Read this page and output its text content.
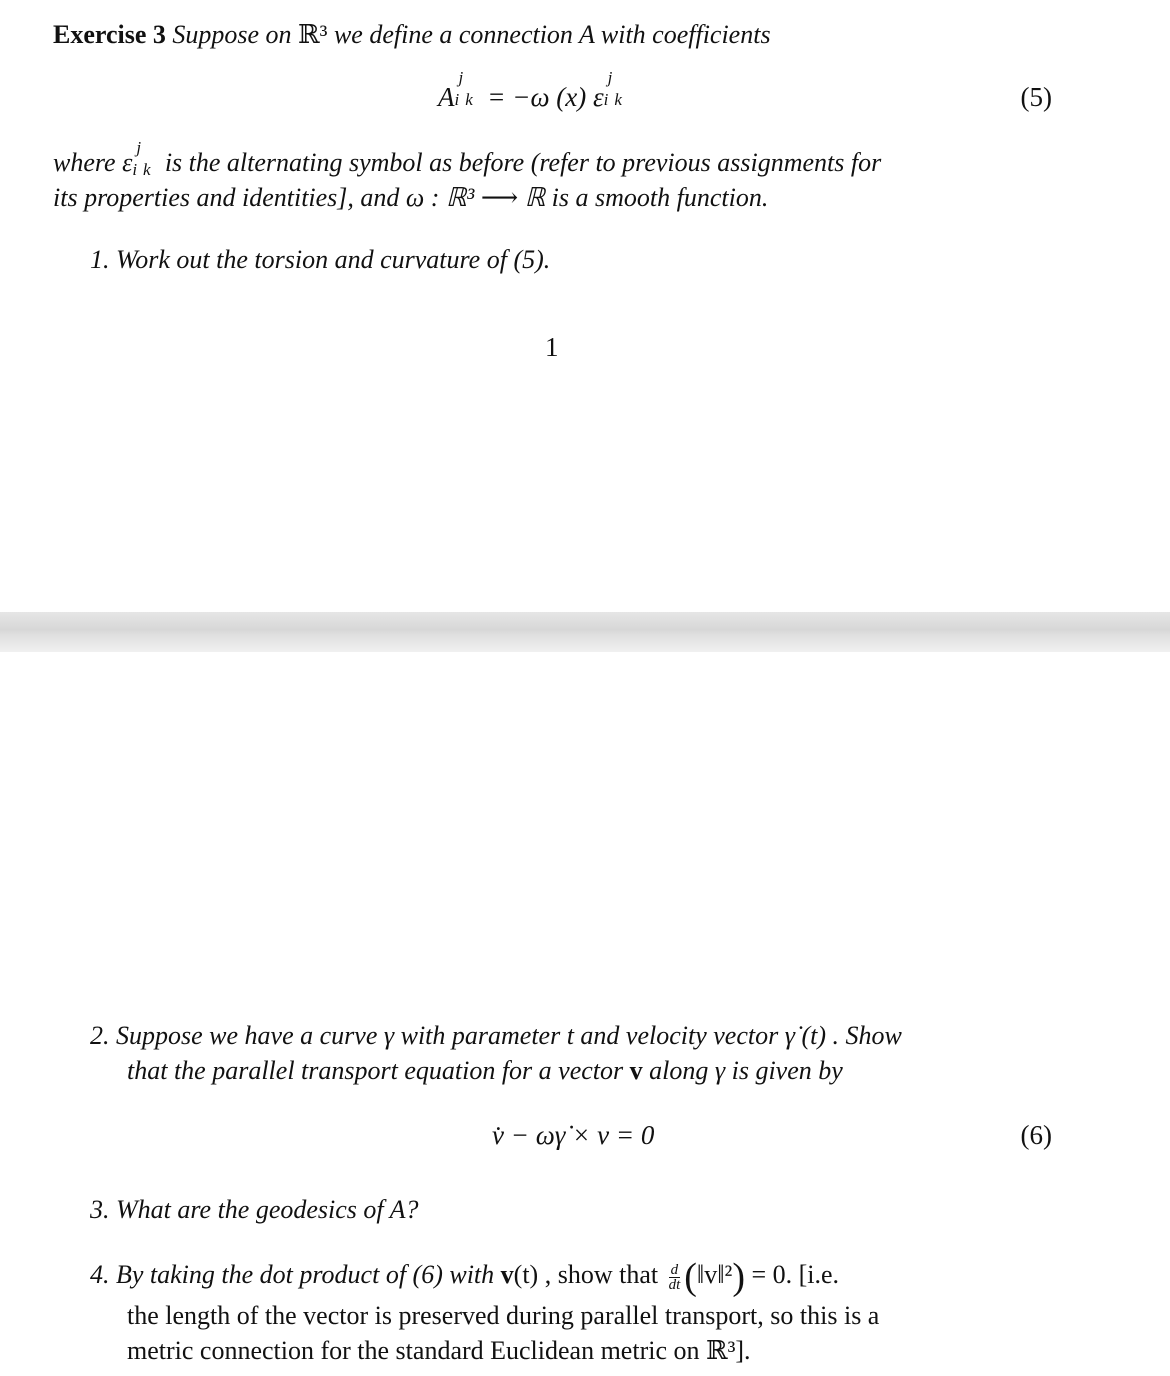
Exercise 3 Suppose on ℝ³ we define a connection A with coefficients
A
j
ik = −ω (x) ε
j
ik	(5)
where ε
j
ik is the alternating symbol as before (refer to previous assignments for
its properties and identities], and ω : ℝ³ ⟶ ℝ is a smooth function.
1. Work out the torsion and curvature of (5).
1
2. Suppose we have a curve γ with parameter t and velocity vector γ̇ (t) . Show
that the parallel transport equation for a vector v along γ is given by
v̇ − ωγ̇ × v = 0	(6)
3. What are the geodesics of A?
4. By taking the dot product of (6) with v(t) , show that $\frac{d}{dt}$ (‖v‖²) = 0. [i.e.
the length of the vector is preserved during parallel transport, so this is a
metric connection for the standard Euclidean metric on ℝ³].
